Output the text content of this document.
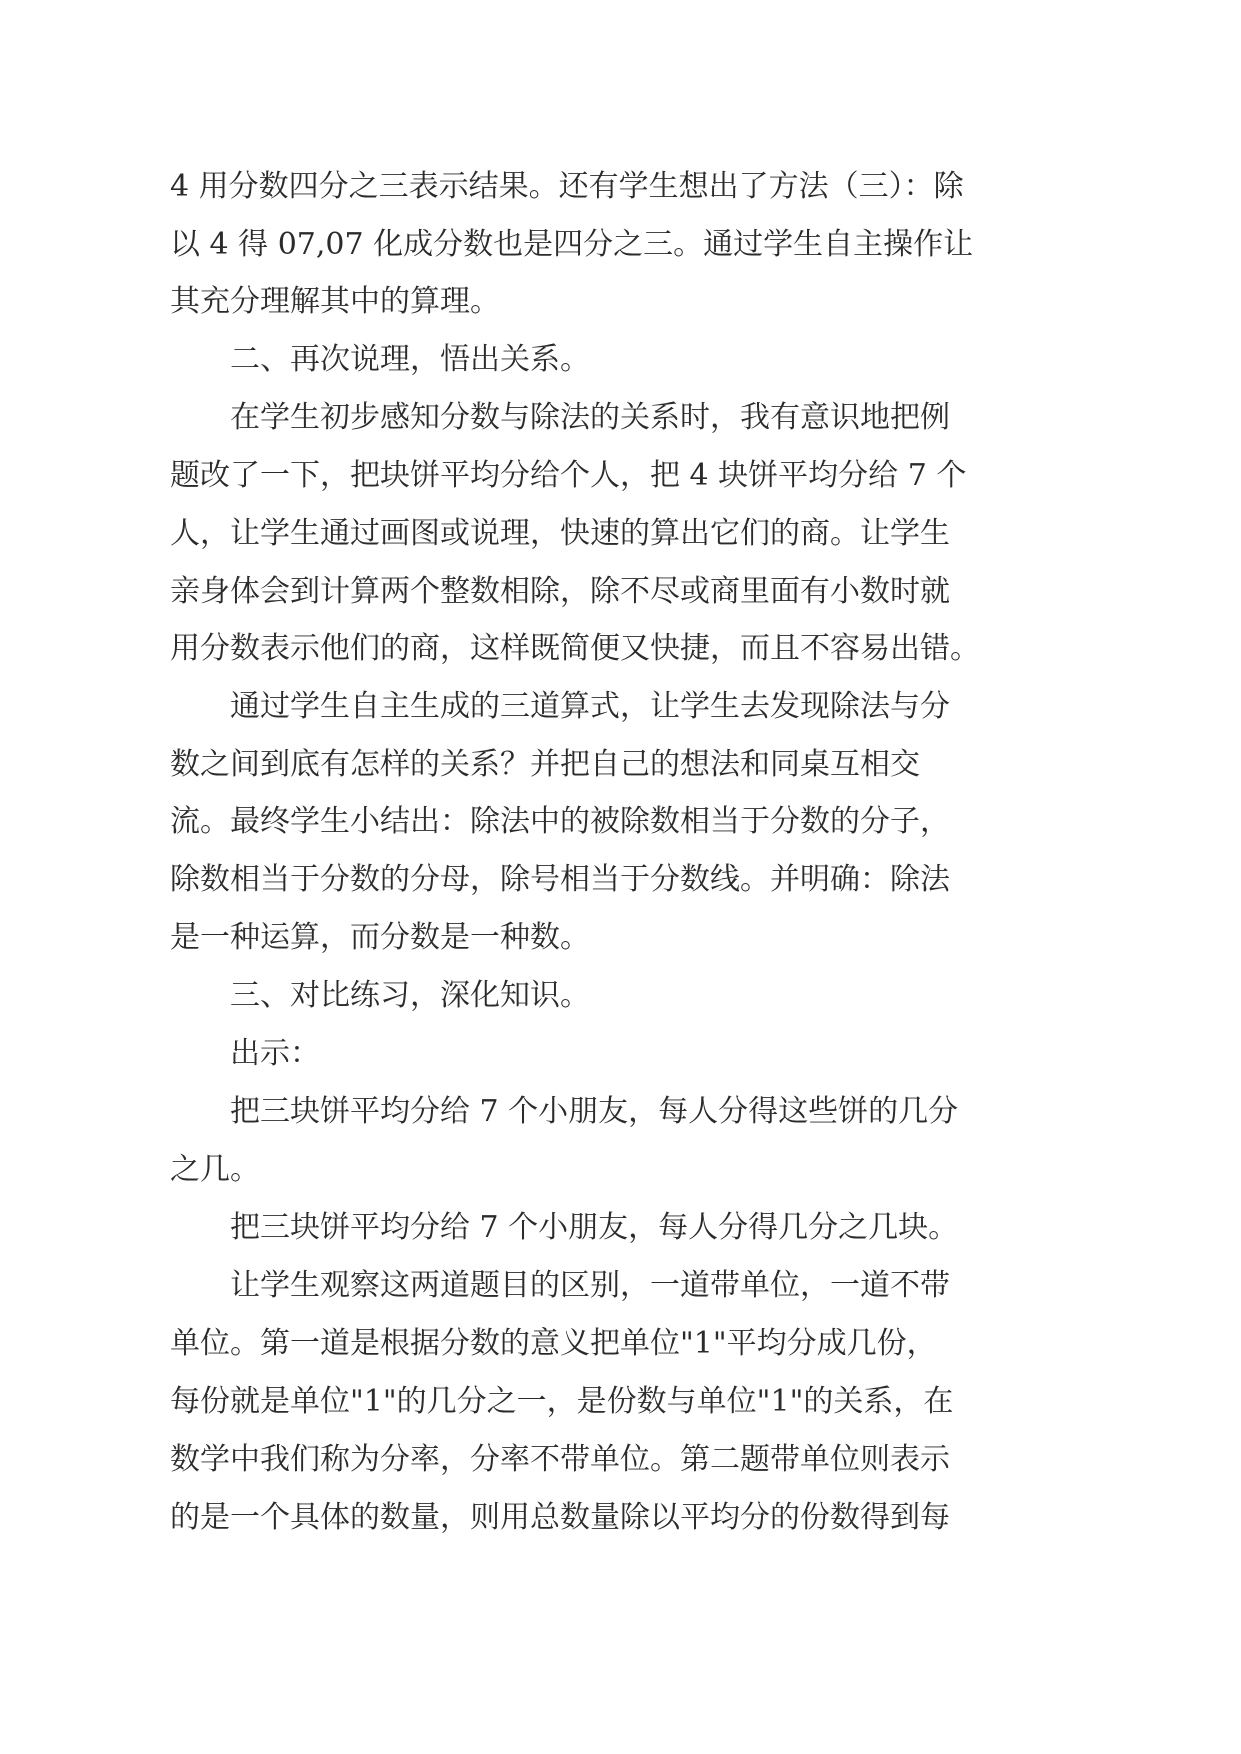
4 用分数四分之三表示结果。还有学生想出了方法（三）：除
以 4 得 07,07 化成分数也是四分之三。通过学生自主操作让
其充分理解其中的算理。
二、再次说理，悟出关系。
在学生初步感知分数与除法的关系时，我有意识地把例
题改了一下，把块饼平均分给个人，把 4 块饼平均分给 7 个
人，让学生通过画图或说理，快速的算出它们的商。让学生
亲身体会到计算两个整数相除，除不尽或商里面有小数时就
用分数表示他们的商，这样既简便又快捷，而且不容易出错。
通过学生自主生成的三道算式，让学生去发现除法与分
数之间到底有怎样的关系？并把自己的想法和同桌互相交
流。最终学生小结出：除法中的被除数相当于分数的分子，
除数相当于分数的分母，除号相当于分数线。并明确：除法
是一种运算，而分数是一种数。
三、对比练习，深化知识。
出示：
把三块饼平均分给 7 个小朋友，每人分得这些饼的几分
之几。
把三块饼平均分给 7 个小朋友，每人分得几分之几块。
让学生观察这两道题目的区别，一道带单位，一道不带
单位。第一道是根据分数的意义把单位"1"平均分成几份，
每份就是单位"1"的几分之一，是份数与单位"1"的关系，在
数学中我们称为分率，分率不带单位。第二题带单位则表示
的是一个具体的数量，则用总数量除以平均分的份数得到每
